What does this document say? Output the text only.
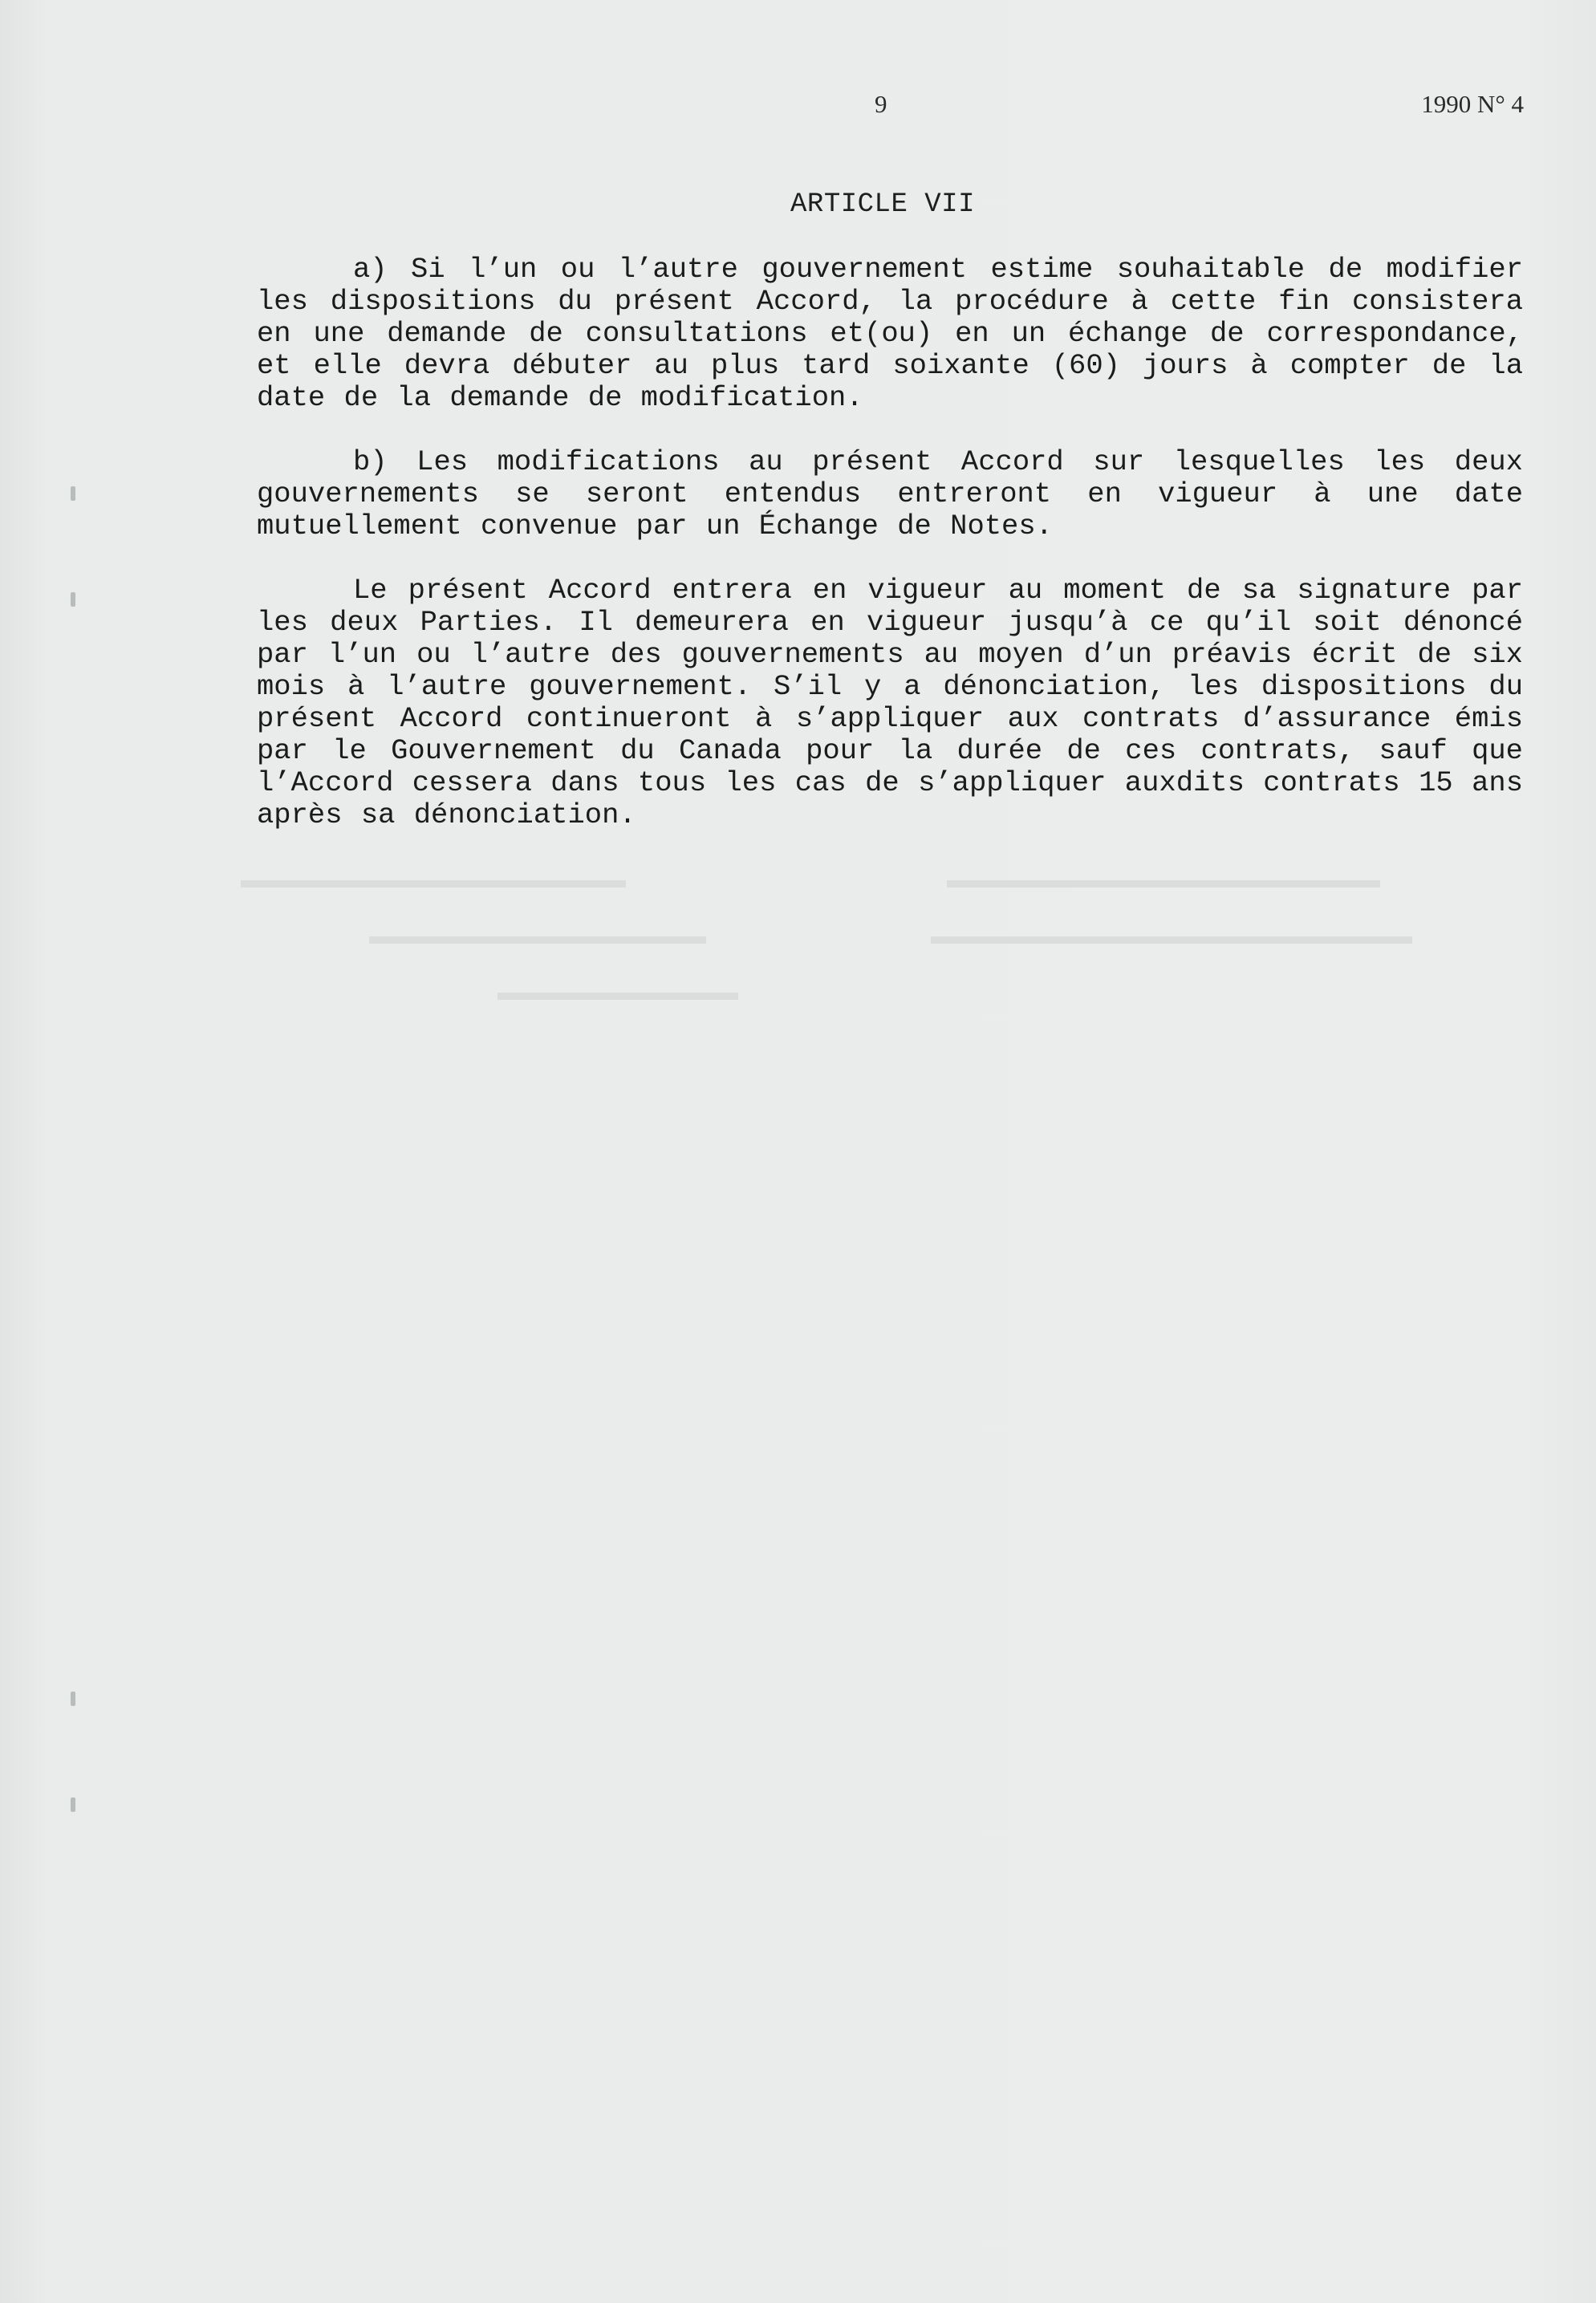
▬▬▬▬▬▬▬▬▬▬▬▬▬▬▬▬	▬▬▬▬▬▬▬▬▬▬▬▬▬▬▬▬▬▬
▬▬▬▬▬▬▬▬▬▬▬▬▬▬	▬▬▬▬▬▬▬▬▬▬▬▬▬▬▬▬▬▬▬▬
▬▬▬▬▬▬▬▬▬▬
9	1990 N° 4
ARTICLE VII

a) Si l’un ou l’autre gouvernement estime souhaitable de modifier les dispositions du présent Accord, la procédure à cette fin consistera en une demande de consultations et(ou) en un échange de correspondance, et elle devra débuter au plus tard soixante (60) jours à compter de la date de la demande de modification.

b) Les modifications au présent Accord sur lesquelles les deux gouvernements se seront entendus entreront en vigueur à une date mutuellement convenue par un Échange de Notes.

Le présent Accord entrera en vigueur au moment de sa signature par les deux Parties. Il demeurera en vigueur jusqu’à ce qu’il soit dénoncé par l’un ou l’autre des gouvernements au moyen d’un préavis écrit de six mois à l’autre gouvernement. S’il y a dénonciation, les dispositions du présent Accord continueront à s’appliquer aux contrats d’assurance émis par le Gouvernement du Canada pour la durée de ces contrats, sauf que l’Accord cessera dans tous les cas de s’appliquer auxdits contrats 15 ans après sa dénonciation.
